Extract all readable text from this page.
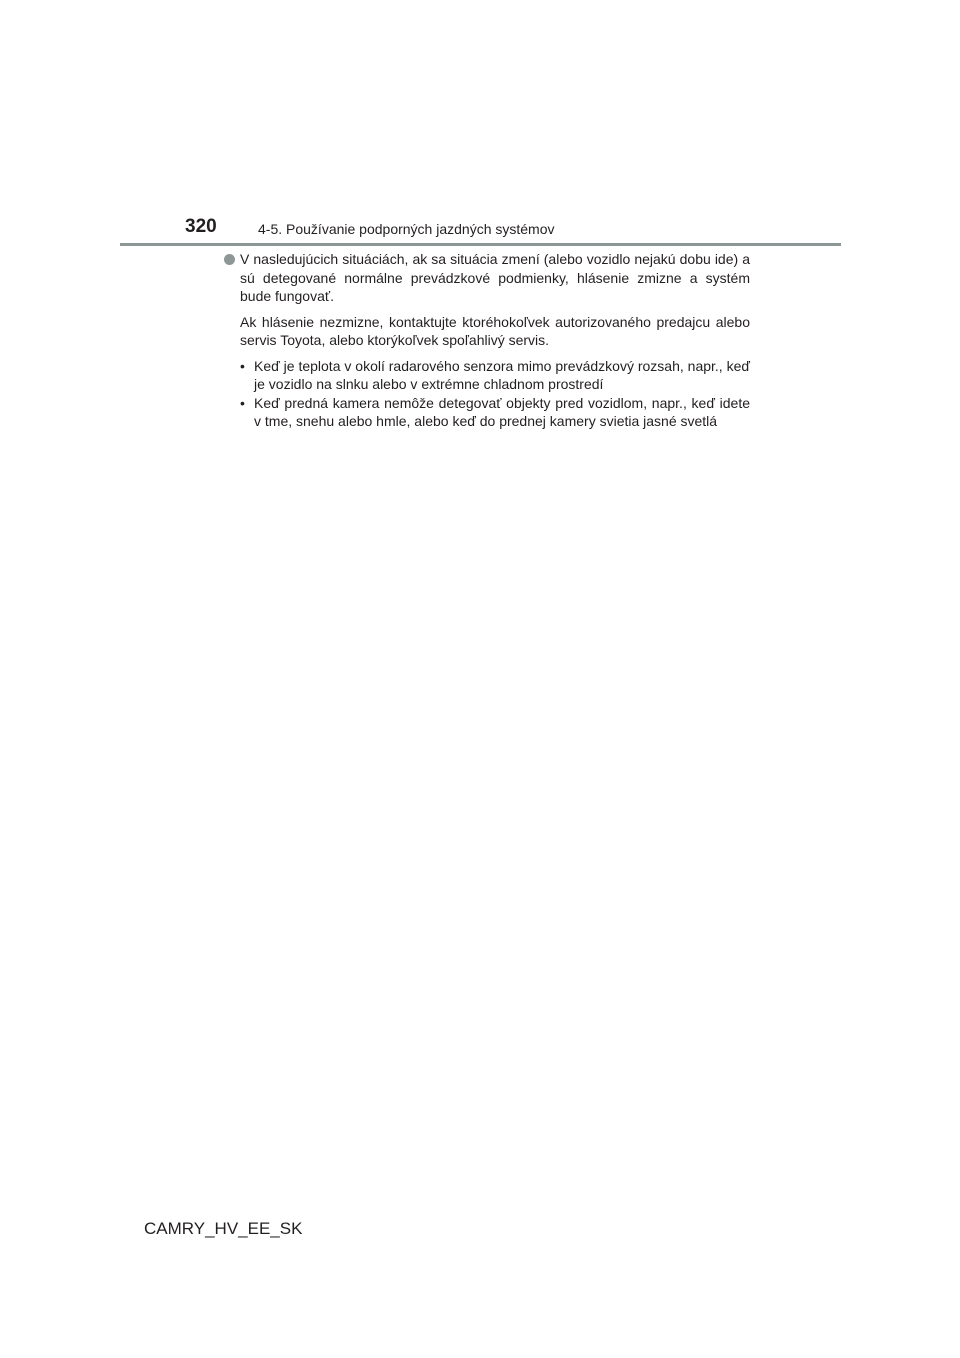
320	4-5. Používanie podporných jazdných systémov

V nasledujúcich situáciách, ak sa situácia zmení (alebo vozidlo nejakú dobu ide) a sú detegované normálne prevádzkové podmienky, hlásenie zmizne a systém bude fungovať.

Ak hlásenie nezmizne, kontaktujte ktoréhokoľvek autorizovaného predajcu alebo servis Toyota, alebo ktorýkoľvek spoľahlivý servis.

• Keď je teplota v okolí radarového senzora mimo prevádzkový rozsah, napr., keď je vozidlo na slnku alebo v extrémne chladnom prostredí
• Keď predná kamera nemôže detegovať objekty pred vozidlom, napr., keď idete v tme, snehu alebo hmle, alebo keď do prednej kamery svietia jasné svetlá
CAMRY_HV_EE_SK
